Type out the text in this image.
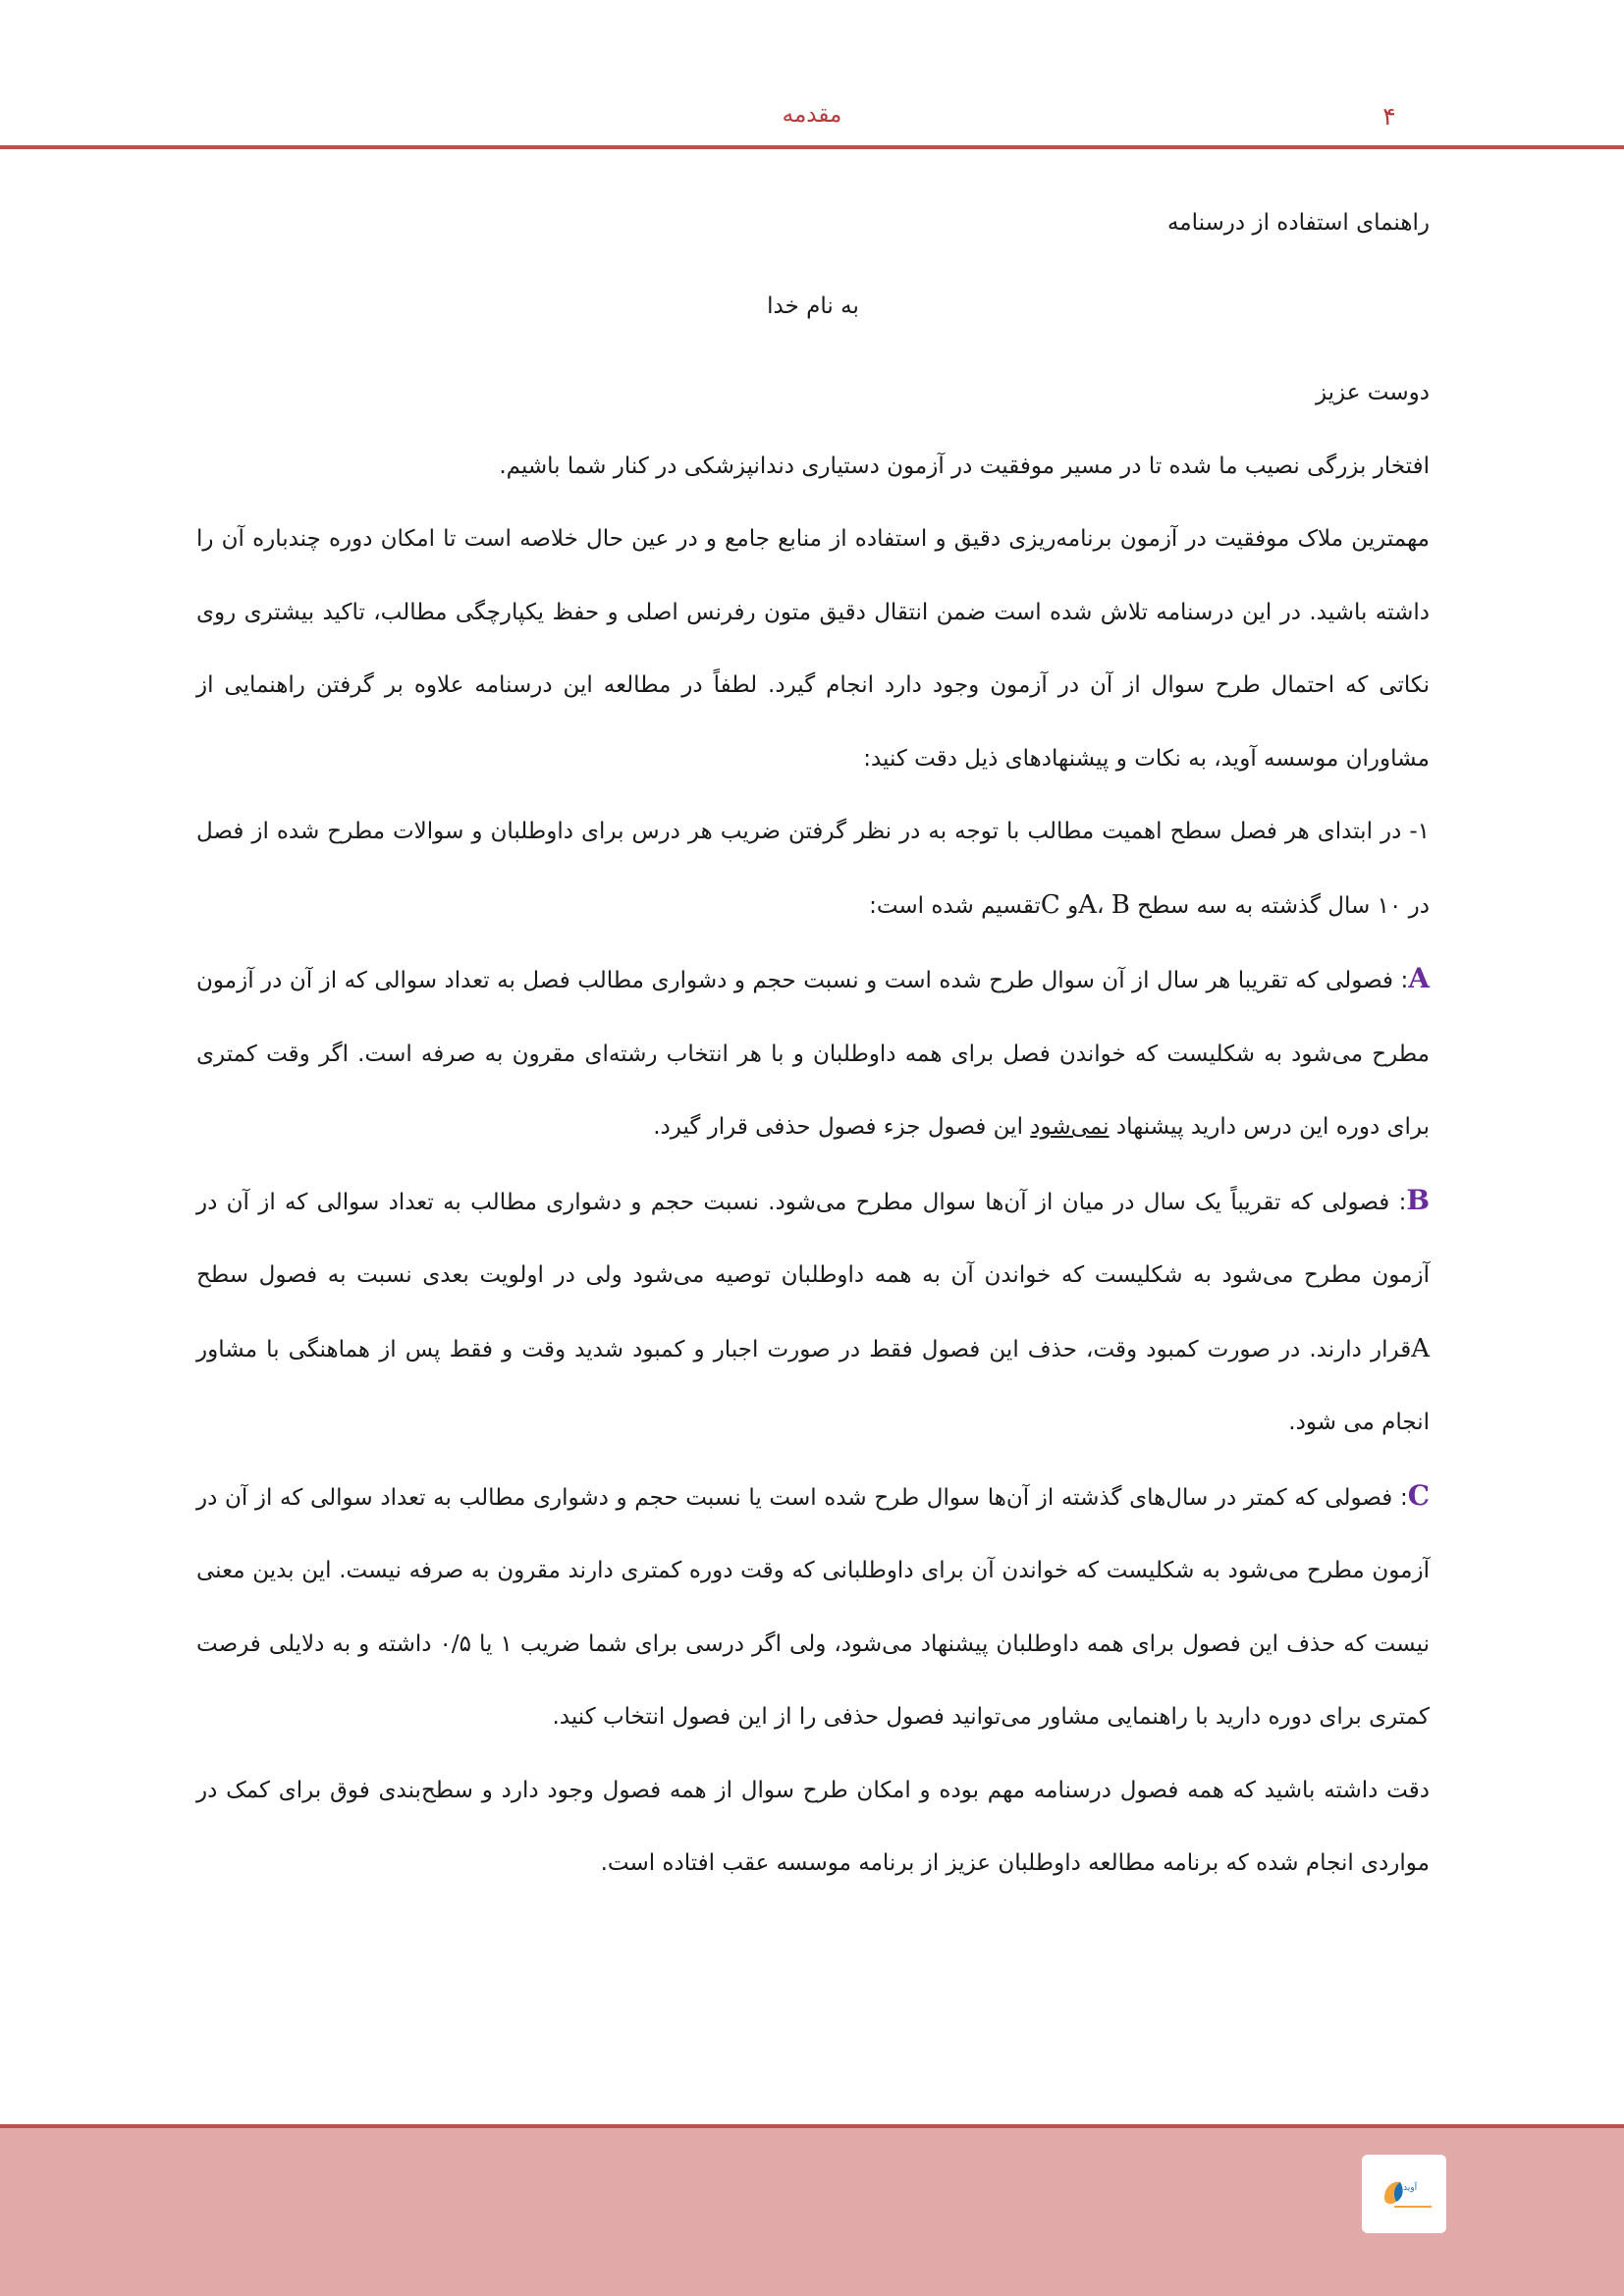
مقدمه	۴

راهنمای استفاده از درسنامه

به نام خدا

دوست عزیز

افتخار بزرگی نصیب ما شده تا در مسیر موفقیت در آزمون دستیاری دندانپزشکی در کنار شما باشیم.

مهمترین ملاک موفقیت در آزمون برنامه‌ریزی دقیق و استفاده از منابع جامع و در عین حال خلاصه است تا امکان دوره چندباره آن را داشته باشید. در این درسنامه تلاش شده است ضمن انتقال دقیق متون رفرنس اصلی و حفظ یکپارچگی مطالب، تاکید بیشتری روی نکاتی که احتمال طرح سوال از آن در آزمون وجود دارد انجام گیرد. لطفاً در مطالعه این درسنامه علاوه بر گرفتن راهنمایی از مشاوران موسسه آوید، به نکات و پیشنهادهای ذیل دقت کنید:

۱- در ابتدای هر فصل سطح اهمیت مطالب با توجه به در نظر گرفتن ضریب هر درس برای داوطلبان و سوالات مطرح شده از فصل در ۱۰ سال گذشته به سه سطح A، Bو Cتقسیم شده است:

A: فصولی که تقریبا هر سال از آن سوال طرح شده است و نسبت حجم و دشواری مطالب فصل به تعداد سوالی که از آن در آزمون مطرح می‌شود به شکلیست که خواندن فصل برای همه داوطلبان و با هر انتخاب رشته‌ای مقرون به صرفه است. اگر وقت کمتری برای دوره این درس دارید پیشنهاد نمی‌شود این فصول جزء فصول حذفی قرار گیرد.

B: فصولی که تقریباً یک سال در میان از آن‌ها سوال مطرح می‌شود. نسبت حجم و دشواری مطالب به تعداد سوالی که از آن در آزمون مطرح می‌شود به شکلیست که خواندن آن به همه داوطلبان توصیه می‌شود ولی در اولویت بعدی نسبت به فصول سطح Aقرار دارند. در صورت کمبود وقت، حذف این فصول فقط در صورت اجبار و کمبود شدید وقت و فقط پس از هماهنگی با مشاور انجام می شود.

C: فصولی که کمتر در سال‌های گذشته از آن‌ها سوال طرح شده است یا نسبت حجم و دشواری مطالب به تعداد سوالی که از آن در آزمون مطرح می‌شود به شکلیست که خواندن آن برای داوطلبانی که وقت دوره کمتری دارند مقرون به صرفه نیست. این بدین معنی نیست که حذف این فصول برای همه داوطلبان پیشنهاد می‌شود، ولی اگر درسی برای شما ضریب ۱ یا ۰/۵ داشته و به دلایلی فرصت کمتری برای دوره دارید با راهنمایی مشاور می‌توانید فصول حذفی را از این فصول انتخاب کنید.

دقت داشته باشید که همه فصول درسنامه مهم بوده و امکان طرح سوال از همه فصول وجود دارد و سطح‌بندی فوق برای کمک در مواردی انجام شده که برنامه مطالعه داوطلبان عزیز از برنامه موسسه عقب افتاده است.

آوید
